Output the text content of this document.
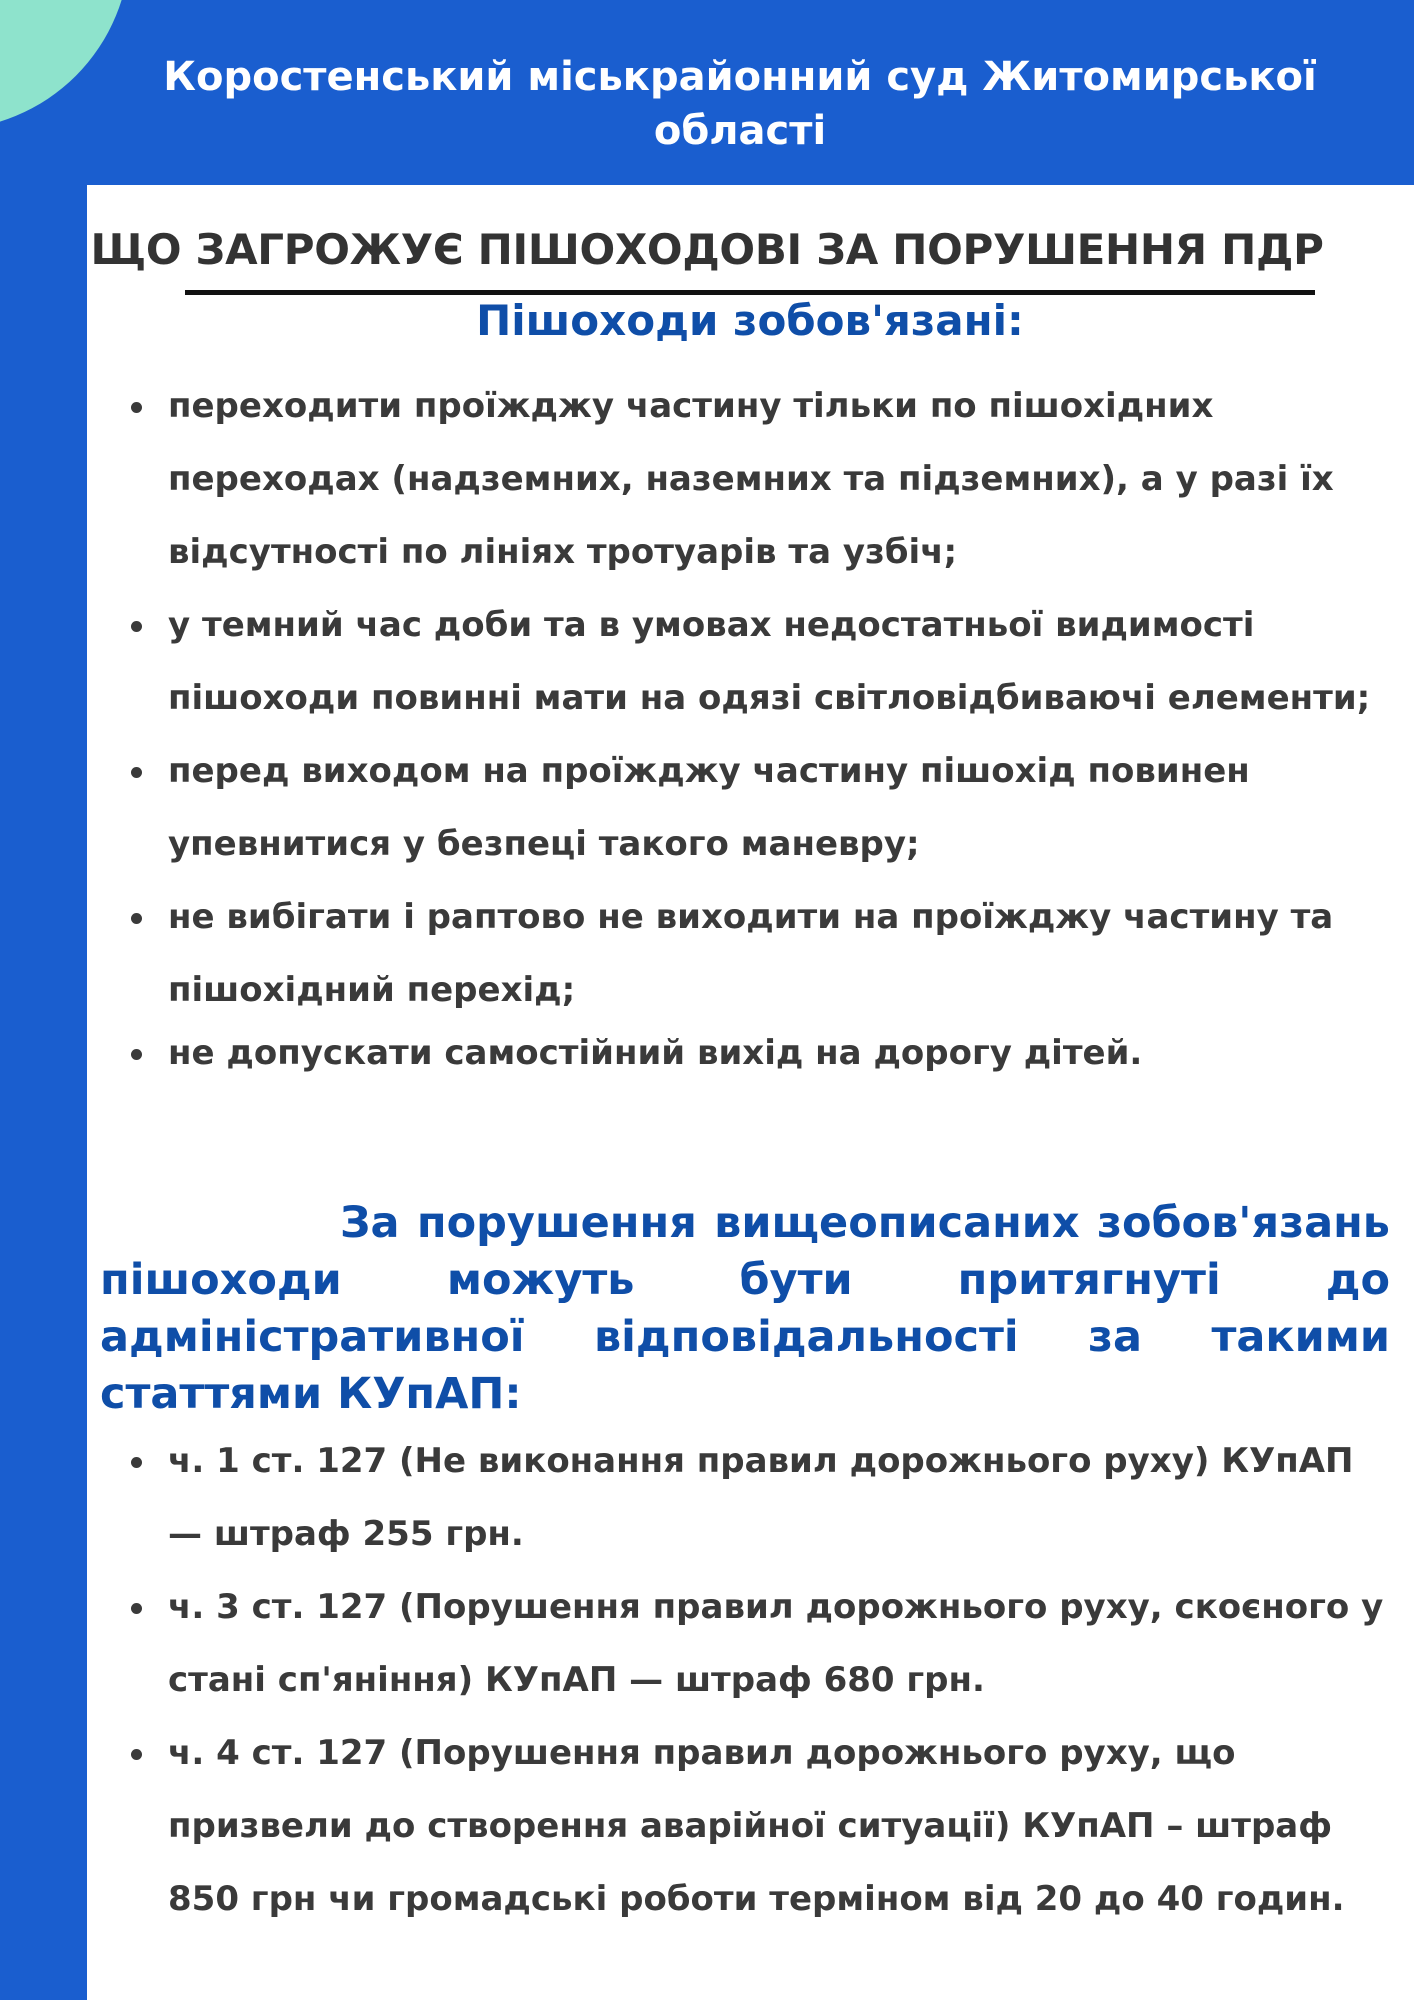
Коростенський міськрайонний суд Житомирської області
ЩО ЗАГРОЖУЄ ПІШОХОДОВІ ЗА ПОРУШЕННЯ ПДР
Пішоходи зобов'язані:
переходити проїжджу частину тільки по пішохідних переходах (надземних, наземних та підземних), а у разі їх відсутності по лініях тротуарів та узбіч;
у темний час доби та в умовах недостатньої видимості пішоходи повинні мати на одязі світловідбиваючі елементи;
перед виходом на проїжджу частину пішохід повинен упевнитися у безпеці такого маневру;
не вибігати і раптово не виходити на проїжджу частину та пішохідний перехід;
не допускати самостійний вихід на дорогу дітей.
За порушення вищеописаних зобов'язань пішоходи можуть бути притягнуті до адміністративної відповідальності за такими статтями КУпАП:
ч. 1 ст. 127 (Не виконання правил дорожнього руху) КУпАП — штраф 255 грн.
ч. 3 ст. 127 (Порушення правил дорожнього руху, скоєного у стані сп'яніння) КУпАП — штраф 680 грн.
ч. 4 ст. 127 (Порушення правил дорожнього руху, що призвели до створення аварійної ситуації) КУпАП – штраф 850 грн чи громадські роботи терміном від 20 до 40 годин.
